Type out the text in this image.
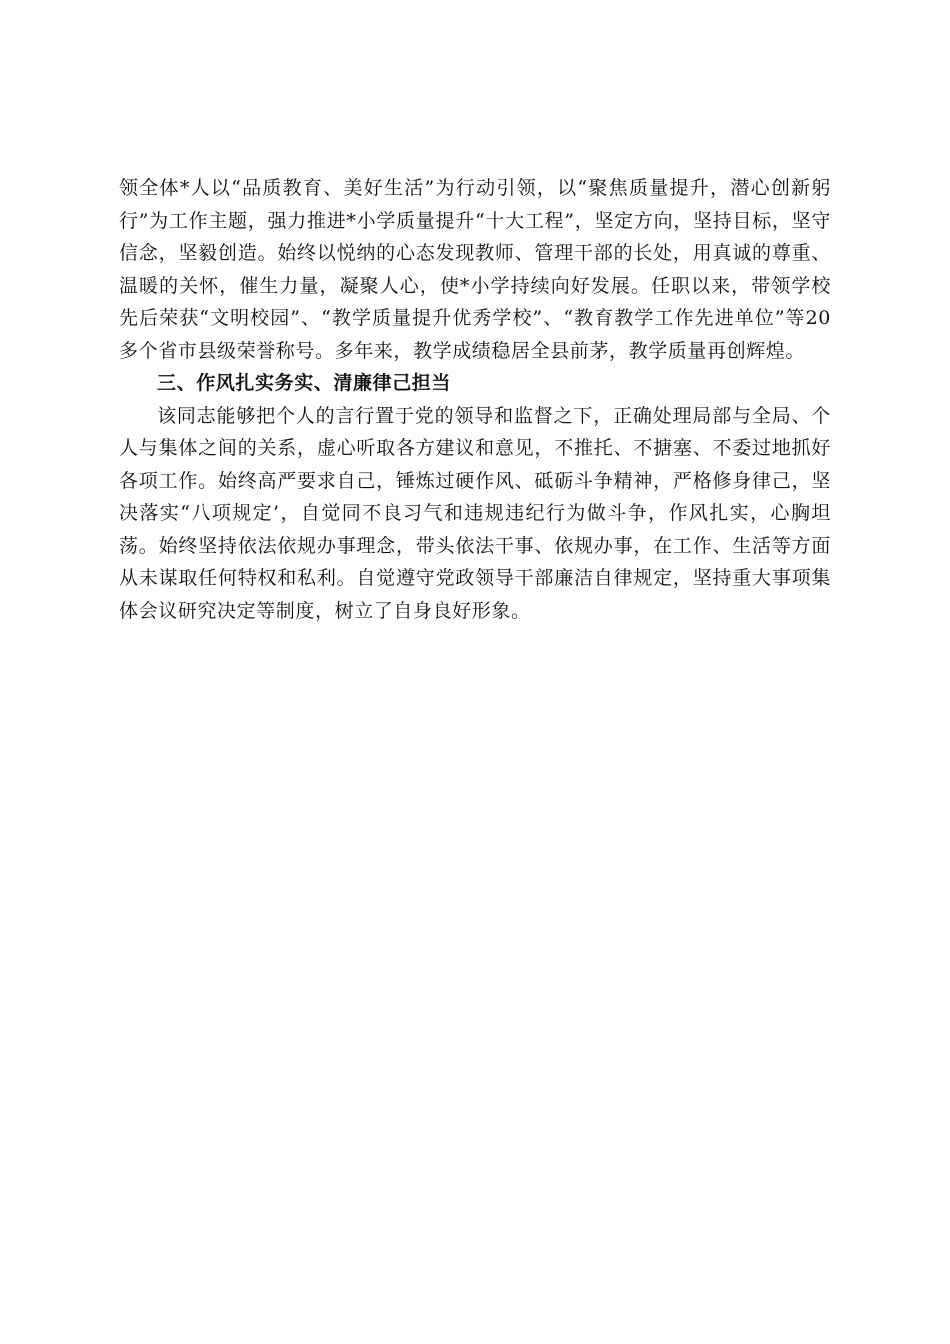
领全体*人以“品质教育、美好生活”为行动引领，以“聚焦质量提升，潜心创新躬行”为工作主题，强力推进*小学质量提升“十大工程”，坚定方向，坚持目标，坚守信念，坚毅创造。始终以悦纳的心态发现教师、管理干部的长处，用真诚的尊重、温暖的关怀，催生力量，凝聚人心，使*小学持续向好发展。任职以来，带领学校先后荣获“文明校园”、“教学质量提升优秀学校”、“教育教学工作先进单位”等20多个省市县级荣誉称号。多年来，教学成绩稳居全县前茅，教学质量再创辉煌。

三、作风扎实务实、清廉律己担当

该同志能够把个人的言行置于党的领导和监督之下，正确处理局部与全局、个人与集体之间的关系，虚心听取各方建议和意见，不推托、不搪塞、不委过地抓好各项工作。始终高严要求自己，锤炼过硬作风、砥砺斗争精神，严格修身律己，坚决落实“八项规定’，自觉同不良习气和违规违纪行为做斗争，作风扎实，心胸坦荡。始终坚持依法依规办事理念，带头依法干事、依规办事，在工作、生活等方面从未谋取任何特权和私利。自觉遵守党政领导干部廉洁自律规定，坚持重大事项集体会议研究决定等制度，树立了自身良好形象。
